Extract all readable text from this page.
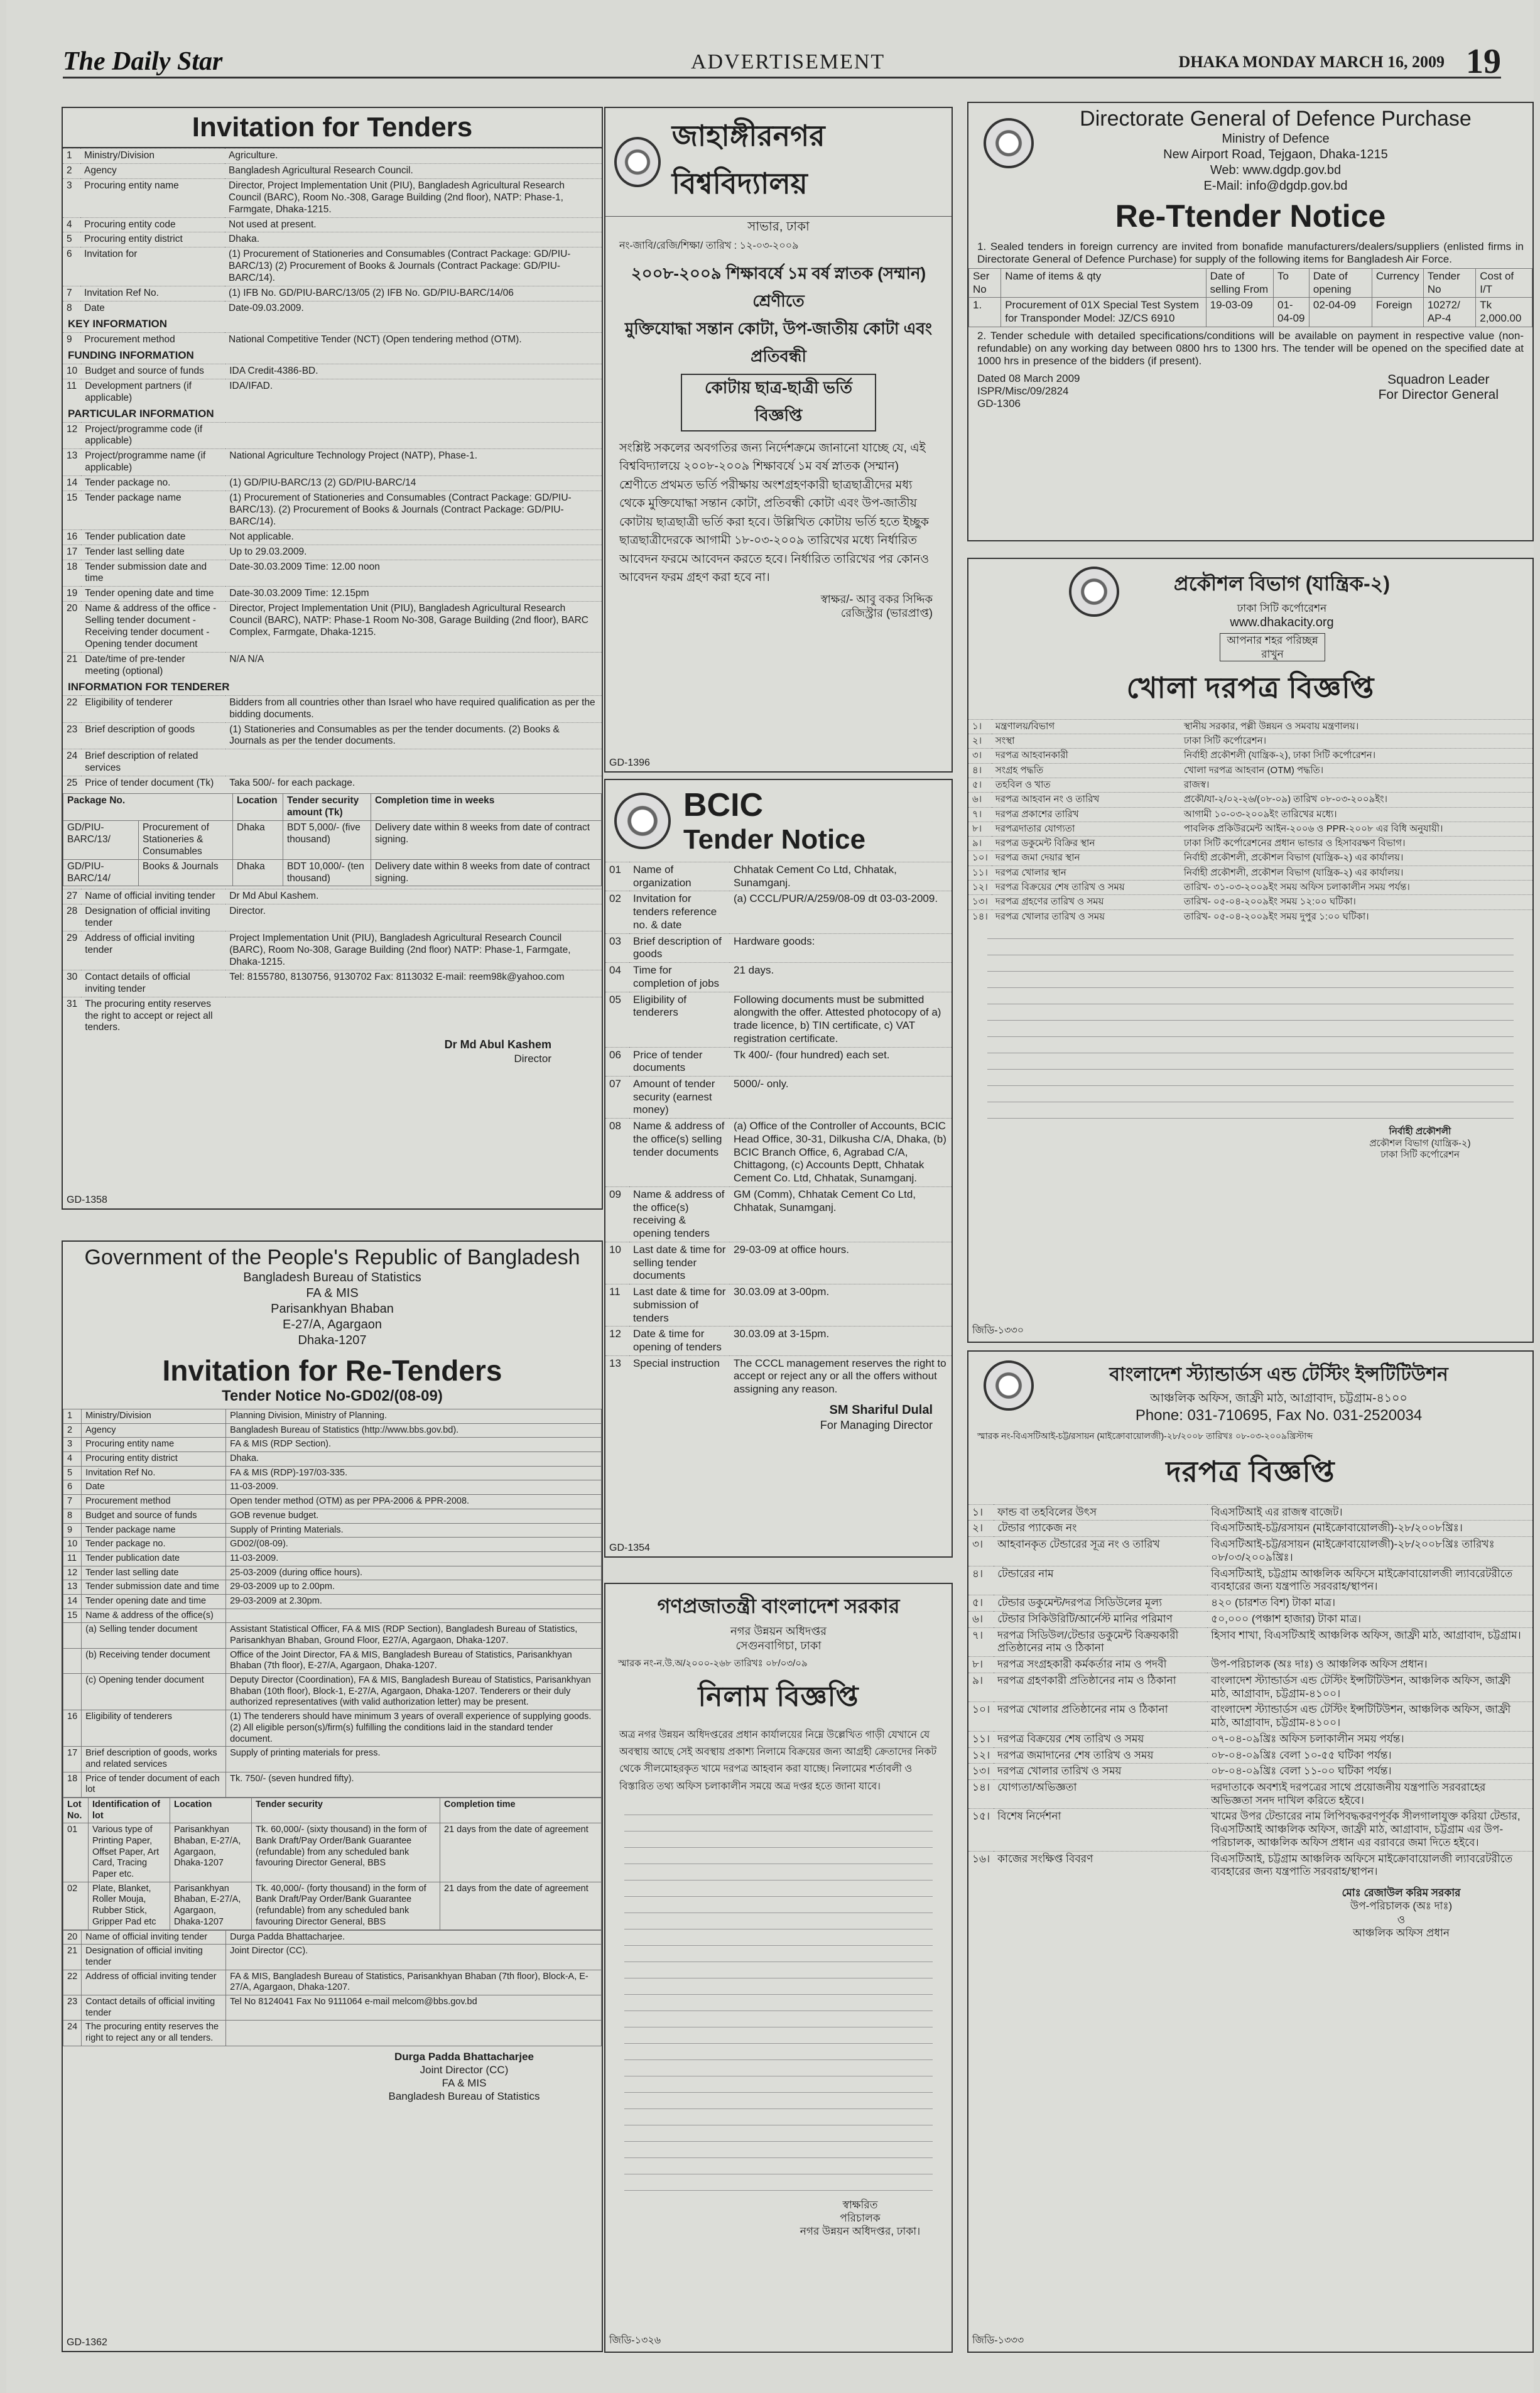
The Daily Star	ADVERTISEMENT	DHAKA MONDAY MARCH 16, 2009 19
Invitation for Tenders
1	Ministry/Division	Agriculture.
2	Agency	Bangladesh Agricultural Research Council.
3	Procuring entity name	Director, Project Implementation Unit (PIU), Bangladesh Agricultural Research Council (BARC), Room No.-308, Garage Building (2nd floor), NATP: Phase-1, Farmgate, Dhaka-1215.
4	Procuring entity code	Not used at present.
5	Procuring entity district	Dhaka.
6	Invitation for	(1) Procurement of Stationeries and Consumables (Contract Package: GD/PIU-BARC/13) (2) Procurement of Books & Journals (Contract Package: GD/PIU-BARC/14).
7	Invitation Ref No.	(1) IFB No. GD/PIU-BARC/13/05 (2) IFB No. GD/PIU-BARC/14/06
8	Date	Date-09.03.2009.
KEY INFORMATION
9	Procurement method	National Competitive Tender (NCT) (Open tendering method (OTM).
FUNDING INFORMATION
10	Budget and source of funds	IDA Credit-4386-BD.
11	Development partners (if applicable)	IDA/IFAD.
PARTICULAR INFORMATION
12	Project/programme code (if applicable)	
13	Project/programme name (if applicable)	National Agriculture Technology Project (NATP), Phase-1.
14	Tender package no.	(1) GD/PIU-BARC/13 (2) GD/PIU-BARC/14
15	Tender package name	(1) Procurement of Stationeries and Consumables (Contract Package: GD/PIU-BARC/13). (2) Procurement of Books & Journals (Contract Package: GD/PIU-BARC/14).
16	Tender publication date	Not applicable.
17	Tender last selling date	Up to 29.03.2009.
18	Tender submission date and time	Date-30.03.2009 Time: 12.00 noon
19	Tender opening date and time	Date-30.03.2009 Time: 12.15pm
20	Name & address of the office -Selling tender document -Receiving tender document -Opening tender document	Director, Project Implementation Unit (PIU), Bangladesh Agricultural Research Council (BARC), NATP: Phase-1 Room No-308, Garage Building (2nd floor), BARC Complex, Farmgate, Dhaka-1215.
21	Date/time of pre-tender meeting (optional)	N/A N/A
INFORMATION FOR TENDERER
22	Eligibility of tenderer	Bidders from all countries other than Israel who have required qualification as per the bidding documents.
23	Brief description of goods	(1) Stationeries and Consumables as per the tender documents. (2) Books & Journals as per the tender documents.
24	Brief description of related services	
25	Price of tender document (Tk)	Taka 500/- for each package.
Package No.		Location	Tender security amount (Tk)	Completion time in weeks
GD/PIU-BARC/13/	Procurement of Stationeries & Consumables	Dhaka	BDT 5,000/- (five thousand)	Delivery date within 8 weeks from date of contract signing.
GD/PIU-BARC/14/	Books & Journals	Dhaka	BDT 10,000/- (ten thousand)	Delivery date within 8 weeks from date of contract signing.
27	Name of official inviting tender	Dr Md Abul Kashem.
28	Designation of official inviting tender	Director.
29	Address of official inviting tender	Project Implementation Unit (PIU), Bangladesh Agricultural Research Council (BARC), Room No-308, Garage Building (2nd floor) NATP: Phase-1, Farmgate, Dhaka-1215.
30	Contact details of official inviting tender	Tel: 8155780, 8130756, 9130702 Fax: 8113032 E-mail: reem98k@yahoo.com
31	The procuring entity reserves the right to accept or reject all tenders.	
Dr Md Abul Kashem
Director
GD-1358
Government of the People's Republic of Bangladesh
Bangladesh Bureau of Statistics
FA & MIS
Parisankhyan Bhaban
E-27/A, Agargaon
Dhaka-1207
Invitation for Re-Tenders
Tender Notice No-GD02/(08-09)
1	Ministry/Division	Planning Division, Ministry of Planning.
2	Agency	Bangladesh Bureau of Statistics (http://www.bbs.gov.bd).
3	Procuring entity name	FA & MIS (RDP Section).
4	Procuring entity district	Dhaka.
5	Invitation Ref No.	FA & MIS (RDP)-197/03-335.
6	Date	11-03-2009.
7	Procurement method	Open tender method (OTM) as per PPA-2006 & PPR-2008.
8	Budget and source of funds	GOB revenue budget.
9	Tender package name	Supply of Printing Materials.
10	Tender package no.	GD02/(08-09).
11	Tender publication date	11-03-2009.
12	Tender last selling date	25-03-2009 (during office hours).
13	Tender submission date and time	29-03-2009 up to 2.00pm.
14	Tender opening date and time	29-03-2009 at 2.30pm.
15	Name & address of the office(s)	
	(a) Selling tender document	Assistant Statistical Officer, FA & MIS (RDP Section), Bangladesh Bureau of Statistics, Parisankhyan Bhaban, Ground Floor, E27/A, Agargaon, Dhaka-1207.
	(b) Receiving tender document	Office of the Joint Director, FA & MIS, Bangladesh Bureau of Statistics, Parisankhyan Bhaban (7th floor), E-27/A, Agargaon, Dhaka-1207.
	(c) Opening tender document	Deputy Director (Coordination), FA & MIS, Bangladesh Bureau of Statistics, Parisankhyan Bhaban (10th floor), Block-1, E-27/A, Agargaon, Dhaka-1207. Tenderers or their duly authorized representatives (with valid authorization letter) may be present.
16	Eligibility of tenderers	(1) The tenderers should have minimum 3 years of overall experience of supplying goods. (2) All eligible person(s)/firm(s) fulfilling the conditions laid in the standard tender document.
17	Brief description of goods, works and related services	Supply of printing materials for press.
18	Price of tender document of each lot	Tk. 750/- (seven hundred fifty).
Lot No.	Identification of lot	Location	Tender security	Completion time
01	Various type of Printing Paper, Offset Paper, Art Card, Tracing Paper etc.	Parisankhyan Bhaban, E-27/A, Agargaon, Dhaka-1207	Tk. 60,000/- (sixty thousand) in the form of Bank Draft/Pay Order/Bank Guarantee (refundable) from any scheduled bank favouring Director General, BBS	21 days from the date of agreement
02	Plate, Blanket, Roller Mouja, Rubber Stick, Gripper Pad etc	Parisankhyan Bhaban, E-27/A, Agargaon, Dhaka-1207	Tk. 40,000/- (forty thousand) in the form of Bank Draft/Pay Order/Bank Guarantee (refundable) from any scheduled bank favouring Director General, BBS	21 days from the date of agreement
20	Name of official inviting tender	Durga Padda Bhattacharjee.
21	Designation of official inviting tender	Joint Director (CC).
22	Address of official inviting tender	FA & MIS, Bangladesh Bureau of Statistics, Parisankhyan Bhaban (7th floor), Block-A, E-27/A, Agargaon, Dhaka-1207.
23	Contact details of official inviting tender	Tel No 8124041 Fax No 9111064 e-mail melcom@bbs.gov.bd
24	The procuring entity reserves the right to reject any or all tenders.	
Durga Padda Bhattacharjee
Joint Director (CC)
FA & MIS
Bangladesh Bureau of Statistics
GD-1362
জাহাঙ্গীরনগর বিশ্ববিদ্যালয়
সাভার, ঢাকা
নং-জাবি/রেজি/শিক্ষা/ তারিখ : ১২-০৩-২০০৯
২০০৮-২০০৯ শিক্ষাবর্ষে ১ম বর্ষ স্নাতক (সম্মান) শ্রেণীতে
মুক্তিযোদ্ধা সন্তান কোটা, উপ-জাতীয় কোটা এবং প্রতিবন্ধী
কোটায় ছাত্র-ছাত্রী ভর্তি বিজ্ঞপ্তি
সংশ্লিষ্ট সকলের অবগতির জন্য নির্দেশক্রমে জানানো যাচ্ছে যে, এই বিশ্ববিদ্যালয়ে ২০০৮-২০০৯ শিক্ষাবর্ষে ১ম বর্ষ স্নাতক (সম্মান) শ্রেণীতে প্রথমত ভর্তি পরীক্ষায় অংশগ্রহণকারী ছাত্রছাত্রীদের মধ্য থেকে মুক্তিযোদ্ধা সন্তান কোটা, প্রতিবন্ধী কোটা এবং উপ-জাতীয় কোটায় ছাত্রছাত্রী ভর্তি করা হবে। উল্লিখিত কোটায় ভর্তি হতে ইচ্ছুক ছাত্রছাত্রীদেরকে আগামী ১৮-০৩-২০০৯ তারিখের মধ্যে নির্ধারিত আবেদন ফরমে আবেদন করতে হবে। নির্ধারিত তারিখের পর কোনও আবেদন ফরম গ্রহণ করা হবে না।
স্বাক্ষর/- আবু বকর সিদ্দিক
রেজিস্ট্রার (ভারপ্রাপ্ত)
GD-1396
BCIC
Tender Notice
01	Name of organization	Chhatak Cement Co Ltd, Chhatak, Sunamganj.
02	Invitation for tenders reference no. & date	(a) CCCL/PUR/A/259/08-09 dt 03-03-2009.
03	Brief description of goods	Hardware goods:
04	Time for completion of jobs	21 days.
05	Eligibility of tenderers	Following documents must be submitted alongwith the offer. Attested photocopy of a) trade licence, b) TIN certificate, c) VAT registration certificate.
06	Price of tender documents	Tk 400/- (four hundred) each set.
07	Amount of tender security (earnest money)	5000/- only.
08	Name & address of the office(s) selling tender documents	(a) Office of the Controller of Accounts, BCIC Head Office, 30-31, Dilkusha C/A, Dhaka, (b) BCIC Branch Office, 6, Agrabad C/A, Chittagong, (c) Accounts Deptt, Chhatak Cement Co. Ltd, Chhatak, Sunamganj.
09	Name & address of the office(s) receiving & opening tenders	GM (Comm), Chhatak Cement Co Ltd, Chhatak, Sunamganj.
10	Last date & time for selling tender documents	29-03-09 at office hours.
11	Last date & time for submission of tenders	30.03.09 at 3-00pm.
12	Date & time for opening of tenders	30.03.09 at 3-15pm.
13	Special instruction	The CCCL management reserves the right to accept or reject any or all the offers without assigning any reason.
SM Shariful Dulal
For Managing Director
GD-1354
গণপ্রজাতন্ত্রী বাংলাদেশ সরকার
নগর উন্নয়ন অধিদপ্তর
সেগুনবাগিচা, ঢাকা
স্মারক নং-ন.উ.অ/২০০০-২৬৮ তারিখঃ ০৮/০৩/০৯
নিলাম বিজ্ঞপ্তি
অত্র নগর উন্নয়ন অধিদপ্তরের প্রধান কার্যালয়ের নিম্নে উল্লেখিত গাড়ী যেখানে যে অবস্থায় আছে সেই অবস্থায় প্রকাশ্য নিলামে বিক্রয়ের জন্য আগ্রহী ক্রেতাদের নিকট থেকে সীলমোহরকৃত খামে দরপত্র আহবান করা যাচ্ছে। নিলামের শর্তাবলী ও বিস্তারিত তথ্য অফিস চলাকালীন সময়ে অত্র দপ্তর হতে জানা যাবে।
স্বাক্ষরিত
পরিচালক
নগর উন্নয়ন অধিদপ্তর, ঢাকা।
জিডি-১৩২৬
Directorate General of Defence Purchase
Ministry of Defence
New Airport Road, Tejgaon, Dhaka-1215
Web: www.dgdp.gov.bd
E-Mail: info@dgdp.gov.bd
Re-Ttender Notice
1. Sealed tenders in foreign currency are invited from bonafide manufacturers/dealers/suppliers (enlisted firms in Directorate General of Defence Purchase) for supply of the following items for Bangladesh Air Force.
Ser No	Name of items & qty	Date of selling From	To	Date of opening	Currency	Tender No	Cost of I/T
1.	Procurement of 01X Special Test System for Transponder Model: JZ/CS 6910	19-03-09	01-04-09	02-04-09	Foreign	10272/ AP-4	Tk 2,000.00
2. Tender schedule with detailed specifications/conditions will be available on payment in respective value (non-refundable) on any working day between 0800 hrs to 1300 hrs. The tender will be opened on the specified date at 1000 hrs in presence of the bidders (if present).
Dated 08 March 2009
ISPR/Misc/09/2824
GD-1306
Squadron Leader
For Director General
প্রকৌশল বিভাগ (যান্ত্রিক-২)
ঢাকা সিটি কর্পোরেশন
www.dhakacity.org
আপনার শহর পরিচ্ছন্ন রাখুন
খোলা দরপত্র বিজ্ঞপ্তি
১।	মন্ত্রণালয়/বিভাগ	স্থানীয় সরকার, পল্লী উন্নয়ন ও সমবায় মন্ত্রণালয়।
২।	সংস্থা	ঢাকা সিটি কর্পোরেশন।
৩।	দরপত্র আহবানকারী	নির্বাহী প্রকৌশলী (যান্ত্রিক-২), ঢাকা সিটি কর্পোরেশন।
৪।	সংগ্রহ পদ্ধতি	খোলা দরপত্র আহবান (OTM) পদ্ধতি।
৫।	তহবিল ও খাত	রাজস্ব।
৬।	দরপত্র আহবান নং ও তারিখ	প্রকৌ/যা-২/০২-২৬/(০৮-০৯) তারিখ ০৮-০৩-২০০৯ইং।
৭।	দরপত্র প্রকাশের তারিখ	আগামী ১০-০৩-২০০৯ইং তারিখের মধ্যে।
৮।	দরপত্রদাতার যোগ্যতা	পাবলিক প্রকিউরমেন্ট আইন-২০০৬ ও PPR-২০০৮ এর বিধি অনুযায়ী।
৯।	দরপত্র ডকুমেন্ট বিক্রির স্থান	ঢাকা সিটি কর্পোরেশনের প্রধান ভান্ডার ও হিসাবরক্ষণ বিভাগ।
১০।	দরপত্র জমা দেয়ার স্থান	নির্বাহী প্রকৌশলী, প্রকৌশল বিভাগ (যান্ত্রিক-২) এর কার্যালয়।
১১।	দরপত্র খোলার স্থান	নির্বাহী প্রকৌশলী, প্রকৌশল বিভাগ (যান্ত্রিক-২) এর কার্যালয়।
১২।	দরপত্র বিক্রয়ের শেষ তারিখ ও সময়	তারিখ- ৩১-০৩-২০০৯ইং সময় অফিস চলাকালীন সময় পর্যন্ত।
১৩।	দরপত্র গ্রহণের তারিখ ও সময়	তারিখ- ০৫-০৪-২০০৯ইং সময় ১২:০০ ঘটিকা।
১৪।	দরপত্র খোলার তারিখ ও সময়	তারিখ- ০৫-০৪-২০০৯ইং সময় দুপুর ১:০০ ঘটিকা।
নির্বাহী প্রকৌশলী
প্রকৌশল বিভাগ (যান্ত্রিক-২)
ঢাকা সিটি কর্পোরেশন
জিডি-১৩৩০
বাংলাদেশ স্ট্যান্ডার্ডস এন্ড টেস্টিং ইন্সটিটিউশন
আঞ্চলিক অফিস, জাফ্রী মাঠ, আগ্রাবাদ, চট্টগ্রাম-৪১০০
Phone: 031-710695, Fax No. 031-2520034
স্মারক নং-বিএসটিআই-চট্ট/রসায়ন (মাইক্রোবায়োলজী)-২৮/২০০৮ তারিখঃ ০৮-০৩-২০০৯খ্রিস্টাব্দ
দরপত্র বিজ্ঞপ্তি
১।	ফান্ড বা তহবিলের উৎস	বিএসটিআই এর রাজস্ব বাজেট।
২।	টেন্ডার প্যাকেজ নং	বিএসটিআই-চট্ট/রসায়ন (মাইক্রোবায়োলজী)-২৮/২০০৮খ্রিঃ।
৩।	আহবানকৃত টেন্ডারের সূত্র নং ও তারিখ	বিএসটিআই-চট্ট/রসায়ন (মাইক্রোবায়োলজী)-২৮/২০০৮খ্রিঃ তারিখঃ ০৮/০৩/২০০৯খ্রিঃ।
৪।	টেন্ডারের নাম	বিএসটিআই, চট্টগ্রাম আঞ্চলিক অফিসে মাইক্রোবায়োলজী ল্যাবরেটরীতে ব্যবহারের জন্য যন্ত্রপাতি সরবরাহ/স্থাপন।
৫।	টেন্ডার ডকুমেন্ট/দরপত্র সিডিউলের মূল্য	৪২০ (চারশত বিশ) টাকা মাত্র।
৬।	টেন্ডার সিকিউরিটি/আর্নেস্ট মানির পরিমাণ	৫০,০০০ (পঞ্চাশ হাজার) টাকা মাত্র।
৭।	দরপত্র সিডিউল/টেন্ডার ডকুমেন্ট বিক্রয়কারী প্রতিষ্ঠানের নাম ও ঠিকানা	হিসাব শাখা, বিএসটিআই আঞ্চলিক অফিস, জাফ্রী মাঠ, আগ্রাবাদ, চট্টগ্রাম।
৮।	দরপত্র সংগ্রহকারী কর্মকর্তার নাম ও পদবী	উপ-পরিচালক (অঃ দাঃ) ও আঞ্চলিক অফিস প্রধান।
৯।	দরপত্র গ্রহণকারী প্রতিষ্ঠানের নাম ও ঠিকানা	বাংলাদেশ স্ট্যান্ডার্ডস এন্ড টেস্টিং ইন্সটিটিউশন, আঞ্চলিক অফিস, জাফ্রী মাঠ, আগ্রাবাদ, চট্টগ্রাম-৪১০০।
১০।	দরপত্র খোলার প্রতিষ্ঠানের নাম ও ঠিকানা	বাংলাদেশ স্ট্যান্ডার্ডস এন্ড টেস্টিং ইন্সটিটিউশন, আঞ্চলিক অফিস, জাফ্রী মাঠ, আগ্রাবাদ, চট্টগ্রাম-৪১০০।
১১।	দরপত্র বিক্রয়ের শেষ তারিখ ও সময়	০৭-০৪-০৯খ্রিঃ অফিস চলাকালীন সময় পর্যন্ত।
১২।	দরপত্র জমাদানের শেষ তারিখ ও সময়	০৮-০৪-০৯খ্রিঃ বেলা ১০-৫৫ ঘটিকা পর্যন্ত।
১৩।	দরপত্র খোলার তারিখ ও সময়	০৮-০৪-০৯খ্রিঃ বেলা ১১-০০ ঘটিকা পর্যন্ত।
১৪।	যোগ্যতা/অভিজ্ঞতা	দরদাতাকে অবশ্যই দরপত্রের সাথে প্রয়োজনীয় যন্ত্রপাতি সরবরাহের অভিজ্ঞতা সনদ দাখিল করিতে হইবে।
১৫।	বিশেষ নির্দেশনা	খামের উপর টেন্ডারের নাম লিপিবদ্ধকরণপূর্বক সীলগালাযুক্ত করিয়া টেন্ডার, বিএসটিআই আঞ্চলিক অফিস, জাফ্রী মাঠ, আগ্রাবাদ, চট্টগ্রাম এর উপ-পরিচালক, আঞ্চলিক অফিস প্রধান এর বরাবরে জমা দিতে হইবে।
১৬।	কাজের সংক্ষিপ্ত বিবরণ	বিএসটিআই, চট্টগ্রাম আঞ্চলিক অফিসে মাইক্রোবায়োলজী ল্যাবরেটরীতে ব্যবহারের জন্য যন্ত্রপাতি সরবরাহ/স্থাপন।
মোঃ রেজাউল করিম সরকার
উপ-পরিচালক (অঃ দাঃ)
ও
আঞ্চলিক অফিস প্রধান
জিডি-১৩৩৩
